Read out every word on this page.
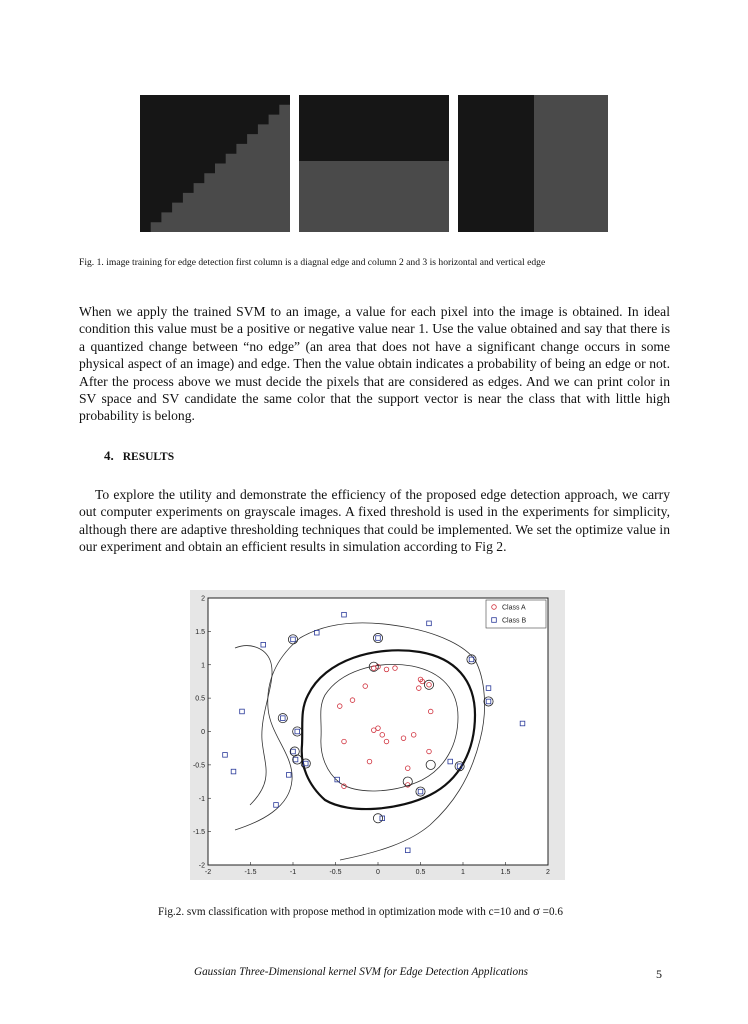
Fig. 1. image training for edge detection first column is a diagnal edge and column 2 and 3 is horizontal and vertical edge

When we apply the trained SVM to an image, a value for each pixel into the image is obtained. In ideal condition this value must be a positive or negative value near 1. Use the value obtained and say that there is a quantized change between “no edge” (an area that does not have a significant change occurs in some physical aspect of an image) and edge. Then the value obtain indicates a probability of being an edge or not. After the process above we must decide the pixels that are considered as edges. And we can print color in SV space and SV candidate the same color that the support vector is near the class that with little high probability is belong.

4. RESULTS

To explore the utility and demonstrate the efficiency of the proposed edge detection approach, we carry out computer experiments on grayscale images. A fixed threshold is used in the experiments for simplicity, although there are adaptive thresholding techniques that could be implemented. We set the optimize value in our experiment and obtain an efficient results in simulation according to Fig 2.

-2	-1.5	-1	-0.5	0	0.5	1	1.5	2
2
1.5
1
0.5
0
-0.5
-1
-1.5
-2
Class A
Class B
Fig.2. svm classification with propose method in optimization mode with c=10 and σ =0.6
Gaussian Three-Dimensional kernel SVM for Edge Detection Applications	5
